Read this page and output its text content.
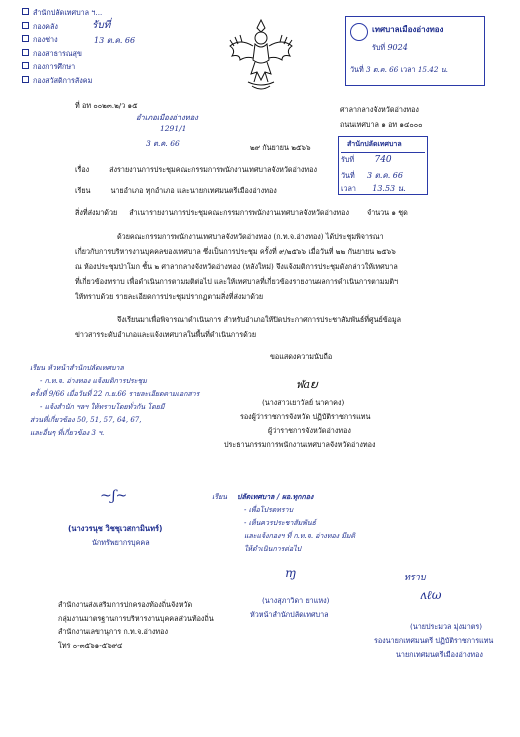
สำนักปลัดเทศบาล ฯ...
กองคลัง
กองช่าง
กองสาธารณสุข
กองการศึกษา
กองสวัสดิการสังคม
รับที่
13 ต.ค. 66
เทศบาลเมืองอ่างทอง
รับที่ 9024
วันที่ 3 ต.ค. 66 เวลา 15.42 น.
ที่ อท ๐๐๒๓.๒/ว ๑๕
อำเภอเมืองอ่างทอง
1291/1
3 ต.ค. 66
ศาลากลางจังหวัดอ่างทอง
ถนนเทศบาล ๑ อท ๑๔๐๐๐
สำนักปลัดเทศบาล
รับที่ 740
วันที่ 3 ต.ค. 66
เวลา 13.53 น.
๒๙ กันยายน ๒๕๖๖
เรื่อง	ส่งรายงานการประชุมคณะกรรมการพนักงานเทศบาลจังหวัดอ่างทอง
เรียน	นายอำเภอ ทุกอำเภอ และนายกเทศมนตรีเมืองอ่างทอง
สิ่งที่ส่งมาด้วย สำเนารายงานการประชุมคณะกรรมการพนักงานเทศบาลจังหวัดอ่างทอง	จำนวน ๑ ชุด
ด้วยคณะกรรมการพนักงานเทศบาลจังหวัดอ่างทอง (ก.ท.จ.อ่างทอง) ได้ประชุมพิจารณา
เกี่ยวกับการบริหารงานบุคคลของเทศบาล ซึ่งเป็นการประชุม ครั้งที่ ๙/๒๕๖๖ เมื่อวันที่ ๒๒ กันยายน ๒๕๖๖
ณ ห้องประชุมป่าโมก ชั้น ๒ ศาลากลางจังหวัดอ่างทอง (หลังใหม่) จึงแจ้งมติการประชุมดังกล่าวให้เทศบาล
ที่เกี่ยวข้องทราบ เพื่อดำเนินการตามมติต่อไป และให้เทศบาลที่เกี่ยวข้องรายงานผลการดำเนินการตามมติฯ
ให้ทราบด้วย รายละเอียดการประชุมปรากฏตามสิ่งที่ส่งมาด้วย
จึงเรียนมาเพื่อพิจารณาดำเนินการ สำหรับอำเภอให้ปิดประกาศการประชาสัมพันธ์ที่ศูนย์ข้อมูล
ข่าวสารระดับอำเภอและแจ้งเทศบาลในพื้นที่ดำเนินการด้วย
ขอแสดงความนับถือ
ฬaຍ
(นางสาวเยาวัลย์ นาคาคง)
รองผู้ว่าราชการจังหวัด ปฏิบัติราชการแทน
ผู้ว่าราชการจังหวัดอ่างทอง
ประธานกรรมการพนักงานเทศบาลจังหวัดอ่างทอง
เรียน หัวหน้าสำนักปลัดเทศบาล
- ก.ท.จ. อ่างทอง แจ้งมติการประชุม
ครั้งที่ 9/66 เมื่อวันที่ 22 ก.ย.66 รายละเอียดตามเอกสาร
- แจ้งสำนัก ฯลฯ ให้ทราบโดยทั่วกัน โดยมี
ส่วนที่เกี่ยวข้อง 50, 51, 57, 64, 67,
และอื่นๆ ที่เกี่ยวข้อง 3 ฯ.
~ʃ~
(นางวรนุช วิชชุเวสกามินทร์)
นักทรัพยากรบุคคล
เรียน ปลัดเทศบาล / ผอ.ทุกกอง
- เพื่อโปรดทราบ
- เห็นควรประชาสัมพันธ์
และแจ้งกองฯ ที่ ก.ท.จ. อ่างทอง มีมติ
ให้ดำเนินการต่อไป
ɱ
(นางสุภาวิดา ยาแหง)
หัวหน้าสำนักปลัดเทศบาล
ทราบ
ʌℓω
(นายประมวล มุ่งมาตร)
รองนายกเทศมนตรี ปฏิบัติราชการแทน
นายกเทศมนตรีเมืองอ่างทอง
สำนักงานส่งเสริมการปกครองท้องถิ่นจังหวัด
กลุ่มงานมาตรฐานการบริหารงานบุคคลส่วนท้องถิ่น
สำนักงานเลขานุการ ก.ท.จ.อ่างทอง
โทร ๐-๓๕๖๑-๕๖๙๔
